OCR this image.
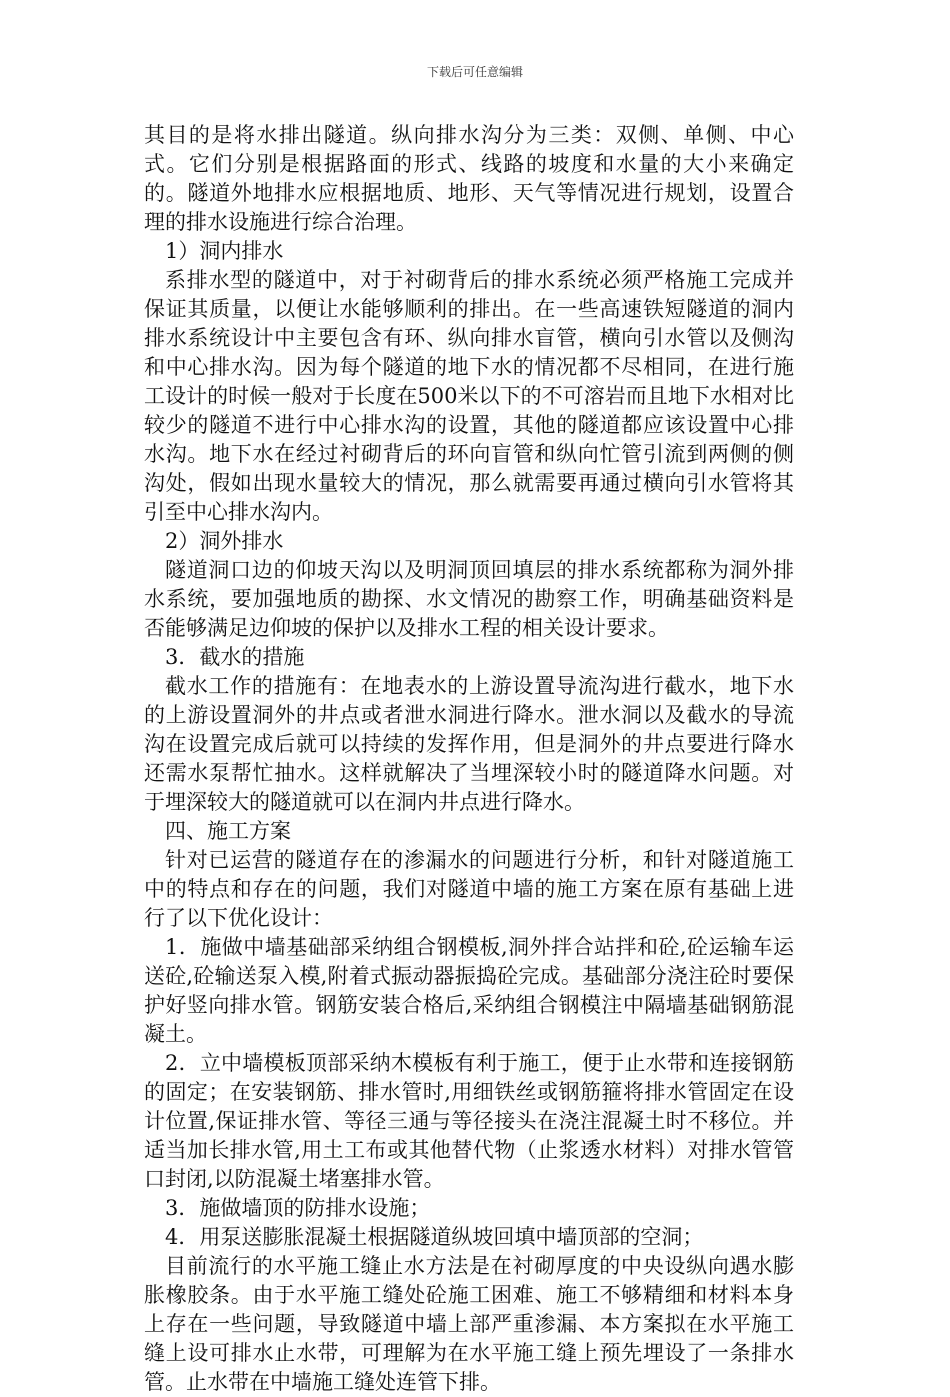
下载后可任意编辑

其目的是将水排出隧道。纵向排水沟分为三类：双侧、单侧、中心式。它们分别是根据路面的形式、线路的坡度和水量的大小来确定的。隧道外地排水应根据地质、地形、天气等情况进行规划，设置合理的排水设施进行综合治理。

1）洞内排水

系排水型的隧道中，对于衬砌背后的排水系统必须严格施工完成并保证其质量，以便让水能够顺利的排出。在一些高速铁短隧道的洞内排水系统设计中主要包含有环、纵向排水盲管，横向引水管以及侧沟和中心排水沟。因为每个隧道的地下水的情况都不尽相同，在进行施工设计的时候一般对于长度在500米以下的不可溶岩而且地下水相对比较少的隧道不进行中心排水沟的设置，其他的隧道都应该设置中心排水沟。地下水在经过衬砌背后的环向盲管和纵向忙管引流到两侧的侧沟处，假如出现水量较大的情况，那么就需要再通过横向引水管将其引至中心排水沟内。

2）洞外排水

隧道洞口边的仰坡天沟以及明洞顶回填层的排水系统都称为洞外排水系统，要加强地质的勘探、水文情况的勘察工作，明确基础资料是否能够满足边仰坡的保护以及排水工程的相关设计要求。

3．截水的措施

截水工作的措施有：在地表水的上游设置导流沟进行截水，地下水的上游设置洞外的井点或者泄水洞进行降水。泄水洞以及截水的导流沟在设置完成后就可以持续的发挥作用，但是洞外的井点要进行降水还需水泵帮忙抽水。这样就解决了当埋深较小时的隧道降水问题。对于埋深较大的隧道就可以在洞内井点进行降水。

四、施工方案

针对已运营的隧道存在的渗漏水的问题进行分析，和针对隧道施工中的特点和存在的问题，我们对隧道中墙的施工方案在原有基础上进行了以下优化设计：

1．施做中墙基础部采纳组合钢模板,洞外拌合站拌和砼,砼运输车运送砼,砼输送泵入模,附着式振动器振捣砼完成。基础部分浇注砼时要保护好竖向排水管。钢筋安装合格后,采纳组合钢模注中隔墙基础钢筋混凝土。

2．立中墙模板顶部采纳木模板有利于施工，便于止水带和连接钢筋的固定；在安装钢筋、排水管时,用细铁丝或钢筋箍将排水管固定在设计位置,保证排水管、等径三通与等径接头在浇注混凝土时不移位。并适当加长排水管,用土工布或其他替代物（止浆透水材料）对排水管管口封闭,以防混凝土堵塞排水管。

3．施做墙顶的防排水设施；

4．用泵送膨胀混凝土根据隧道纵坡回填中墙顶部的空洞；

目前流行的水平施工缝止水方法是在衬砌厚度的中央设纵向遇水膨胀橡胶条。由于水平施工缝处砼施工困难、施工不够精细和材料本身上存在一些问题，导致隧道中墙上部严重渗漏、本方案拟在水平施工缝上设可排水止水带，可理解为在水平施工缝上预先埋设了一条排水管。止水带在中墙施工缝处连管下排。
